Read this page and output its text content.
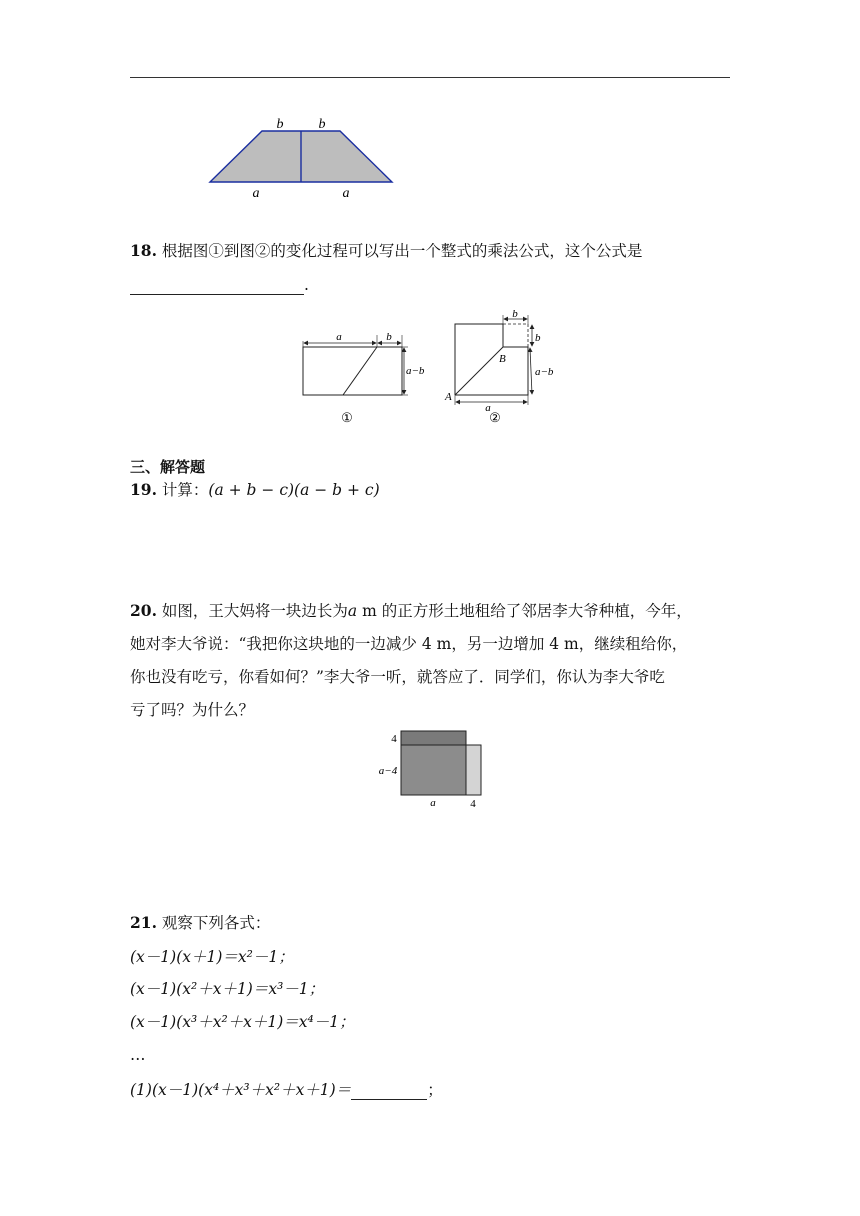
b	b
a	a
18. 根据图①到图②的变化过程可以写出一个整式的乘法公式，这个公式是
.
a	b
a−b
①
b
b
B
A
a−b
a
②
三、解答题
19. 计算：(a + b − c)(a − b + c)
20. 如图，王大妈将一块边长为a m 的正方形土地租给了邻居李大爷种植，今年，
她对李大爷说：“我把你这块地的一边减少 4 m，另一边增加 4 m，继续租给你，
你也没有吃亏，你看如何？”李大爷一听，就答应了．同学们，你认为李大爷吃
亏了吗？为什么？
4
a−4
a	4
21. 观察下列各式：
(x－1)(x＋1)＝x²－1；
(x－1)(x²＋x＋1)＝x³－1；
(x－1)(x³＋x²＋x＋1)＝x⁴－1；
…
(1)(x－1)(x⁴＋x³＋x²＋x＋1)＝	；
